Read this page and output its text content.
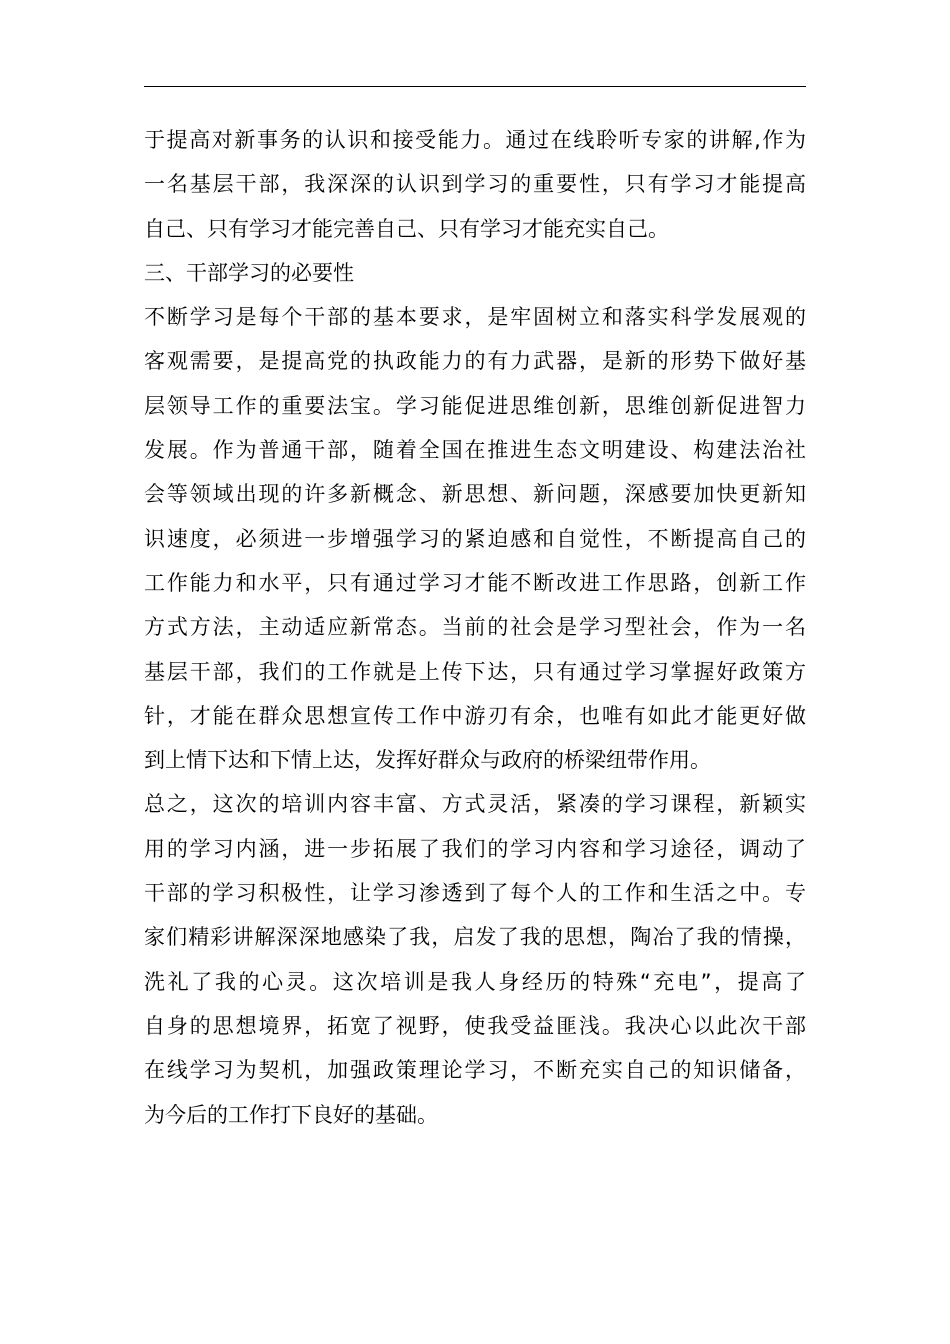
于提高对新事务的认识和接受能力。通过在线聆听专家的讲解,作为
一名基层干部，我深深的认识到学习的重要性，只有学习才能提高
自己、只有学习才能完善自己、只有学习才能充实自己。
三、干部学习的必要性
不断学习是每个干部的基本要求，是牢固树立和落实科学发展观的
客观需要，是提高党的执政能力的有力武器，是新的形势下做好基
层领导工作的重要法宝。学习能促进思维创新，思维创新促进智力
发展。作为普通干部，随着全国在推进生态文明建设、构建法治社
会等领域出现的许多新概念、新思想、新问题，深感要加快更新知
识速度，必须进一步增强学习的紧迫感和自觉性，不断提高自己的
工作能力和水平，只有通过学习才能不断改进工作思路，创新工作
方式方法，主动适应新常态。当前的社会是学习型社会，作为一名
基层干部，我们的工作就是上传下达，只有通过学习掌握好政策方
针，才能在群众思想宣传工作中游刃有余，也唯有如此才能更好做
到上情下达和下情上达，发挥好群众与政府的桥梁纽带作用。
总之，这次的培训内容丰富、方式灵活，紧凑的学习课程，新颖实
用的学习内涵，进一步拓展了我们的学习内容和学习途径，调动了
干部的学习积极性，让学习渗透到了每个人的工作和生活之中。专
家们精彩讲解深深地感染了我，启发了我的思想，陶冶了我的情操，
洗礼了我的心灵。这次培训是我人身经历的特殊“充电”，提高了
自身的思想境界，拓宽了视野，使我受益匪浅。我决心以此次干部
在线学习为契机，加强政策理论学习，不断充实自己的知识储备，
为今后的工作打下良好的基础。
